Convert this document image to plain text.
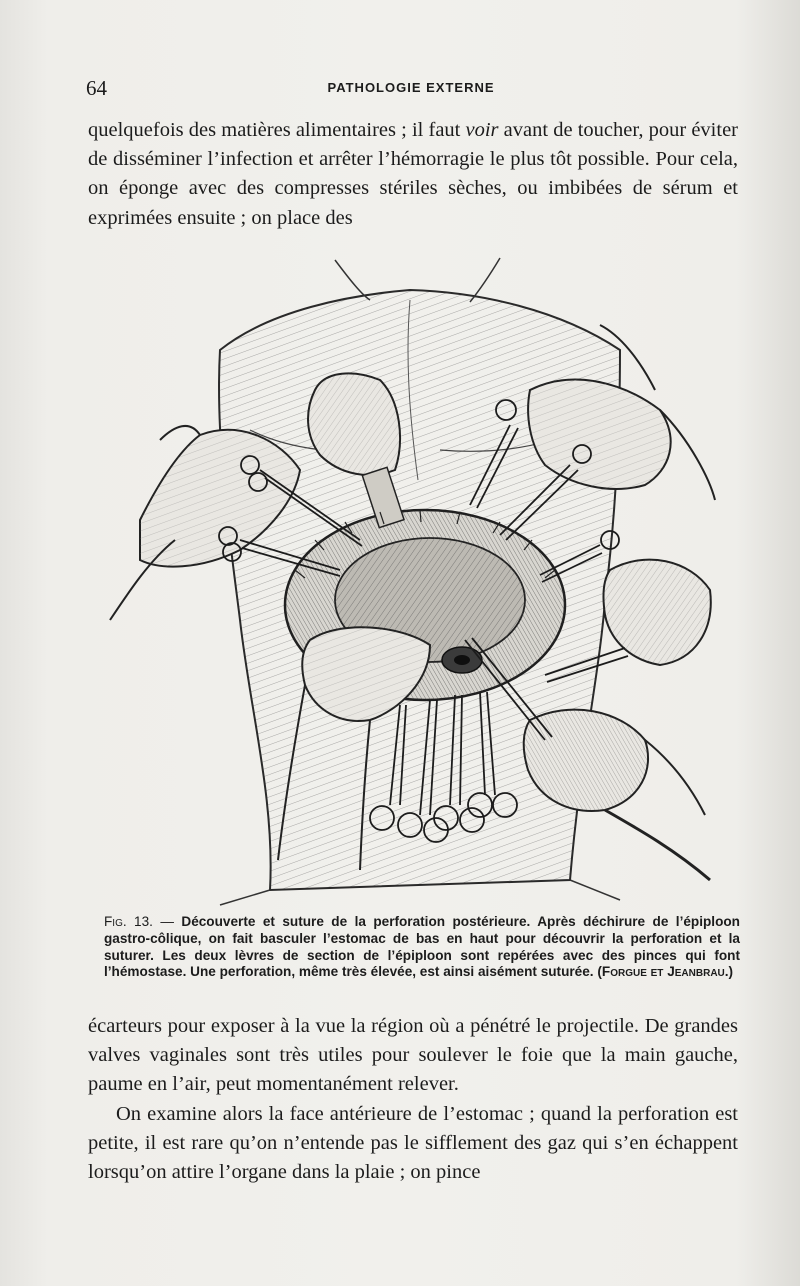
64	PATHOLOGIE EXTERNE

quelquefois des matières alimentaires ; il faut voir avant de toucher, pour éviter de disséminer l’infection et arrêter l’hémorragie le plus tôt possible. Pour cela, on éponge avec des compresses stériles sèches, ou imbibées de sérum et exprimées ensuite ; on place des

Fig. 13. — Découverte et suture de la perforation postérieure. Après déchirure de l’épiploon gastro-côlique, on fait basculer l’estomac de bas en haut pour découvrir la perforation et la suturer. Les deux lèvres de section de l’épiploon sont repérées avec des pinces qui font l’hémostase. Une perforation, même très élevée, est ainsi aisément suturée. (Forgue et Jeanbrau.)

écarteurs pour exposer à la vue la région où a pénétré le projectile. De grandes valves vaginales sont très utiles pour soulever le foie que la main gauche, paume en l’air, peut momentanément relever.

On examine alors la face antérieure de l’estomac ; quand la perforation est petite, il est rare qu’on n’entende pas le sifflement des gaz qui s’en échappent lorsqu’on attire l’organe dans la plaie ; on pince
